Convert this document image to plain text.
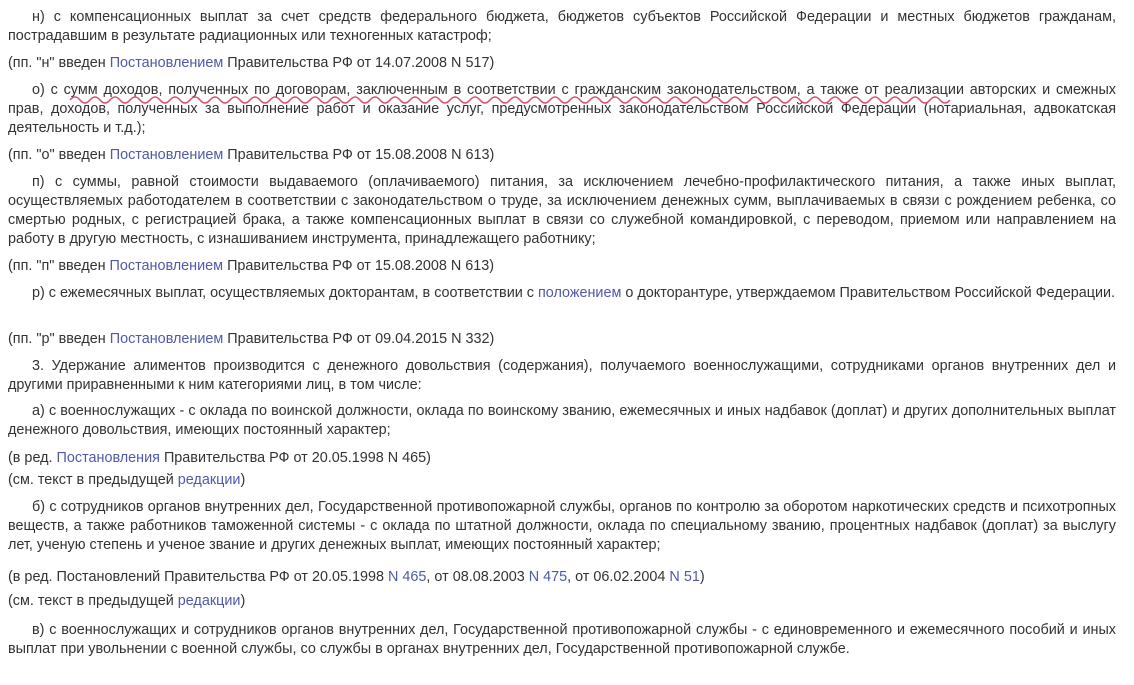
н) с компенсационных выплат за счет средств федерального бюджета, бюджетов субъектов Российской Федерации и местных бюджетов гражданам, пострадавшим в результате радиационных или техногенных катастроф;

(пп. "н" введен Постановлением Правительства РФ от 14.07.2008 N 517)

о) с сумм доходов, полученных по договорам, заключенным в соответствии с гражданским законодательством, а также от реализации авторских и смежных прав, доходов, полученных за выполнение работ и оказание услуг, предусмотренных законодательством Российской Федерации (нотариальная, адвокатская деятельность и т.д.);

(пп. "о" введен Постановлением Правительства РФ от 15.08.2008 N 613)

п) с суммы, равной стоимости выдаваемого (оплачиваемого) питания, за исключением лечебно-профилактического питания, а также иных выплат, осуществляемых работодателем в соответствии с законодательством о труде, за исключением денежных сумм, выплачиваемых в связи с рождением ребенка, со смертью родных, с регистрацией брака, а также компенсационных выплат в связи со служебной командировкой, с переводом, приемом или направлением на работу в другую местность, с изнашиванием инструмента, принадлежащего работнику;

(пп. "п" введен Постановлением Правительства РФ от 15.08.2008 N 613)

р) с ежемесячных выплат, осуществляемых докторантам, в соответствии с положением о докторантуре, утверждаемом Правительством Российской Федерации.

(пп. "р" введен Постановлением Правительства РФ от 09.04.2015 N 332)

3. Удержание алиментов производится с денежного довольствия (содержания), получаемого военнослужащими, сотрудниками органов внутренних дел и другими приравненными к ним категориями лиц, в том числе:

а) с военнослужащих - с оклада по воинской должности, оклада по воинскому званию, ежемесячных и иных надбавок (доплат) и других дополнительных выплат денежного довольствия, имеющих постоянный характер;

(в ред. Постановления Правительства РФ от 20.05.1998 N 465)

(см. текст в предыдущей редакции)

б) с сотрудников органов внутренних дел, Государственной противопожарной службы, органов по контролю за оборотом наркотических средств и психотропных веществ, а также работников таможенной системы - с оклада по штатной должности, оклада по специальному званию, процентных надбавок (доплат) за выслугу лет, ученую степень и ученое звание и других денежных выплат, имеющих постоянный характер;

(в ред. Постановлений Правительства РФ от 20.05.1998 N 465, от 08.08.2003 N 475, от 06.02.2004 N 51)

(см. текст в предыдущей редакции)

в) с военнослужащих и сотрудников органов внутренних дел, Государственной противопожарной службы - с единовременного и ежемесячного пособий и иных выплат при увольнении с военной службы, со службы в органах внутренних дел, Государственной противопожарной службе.
